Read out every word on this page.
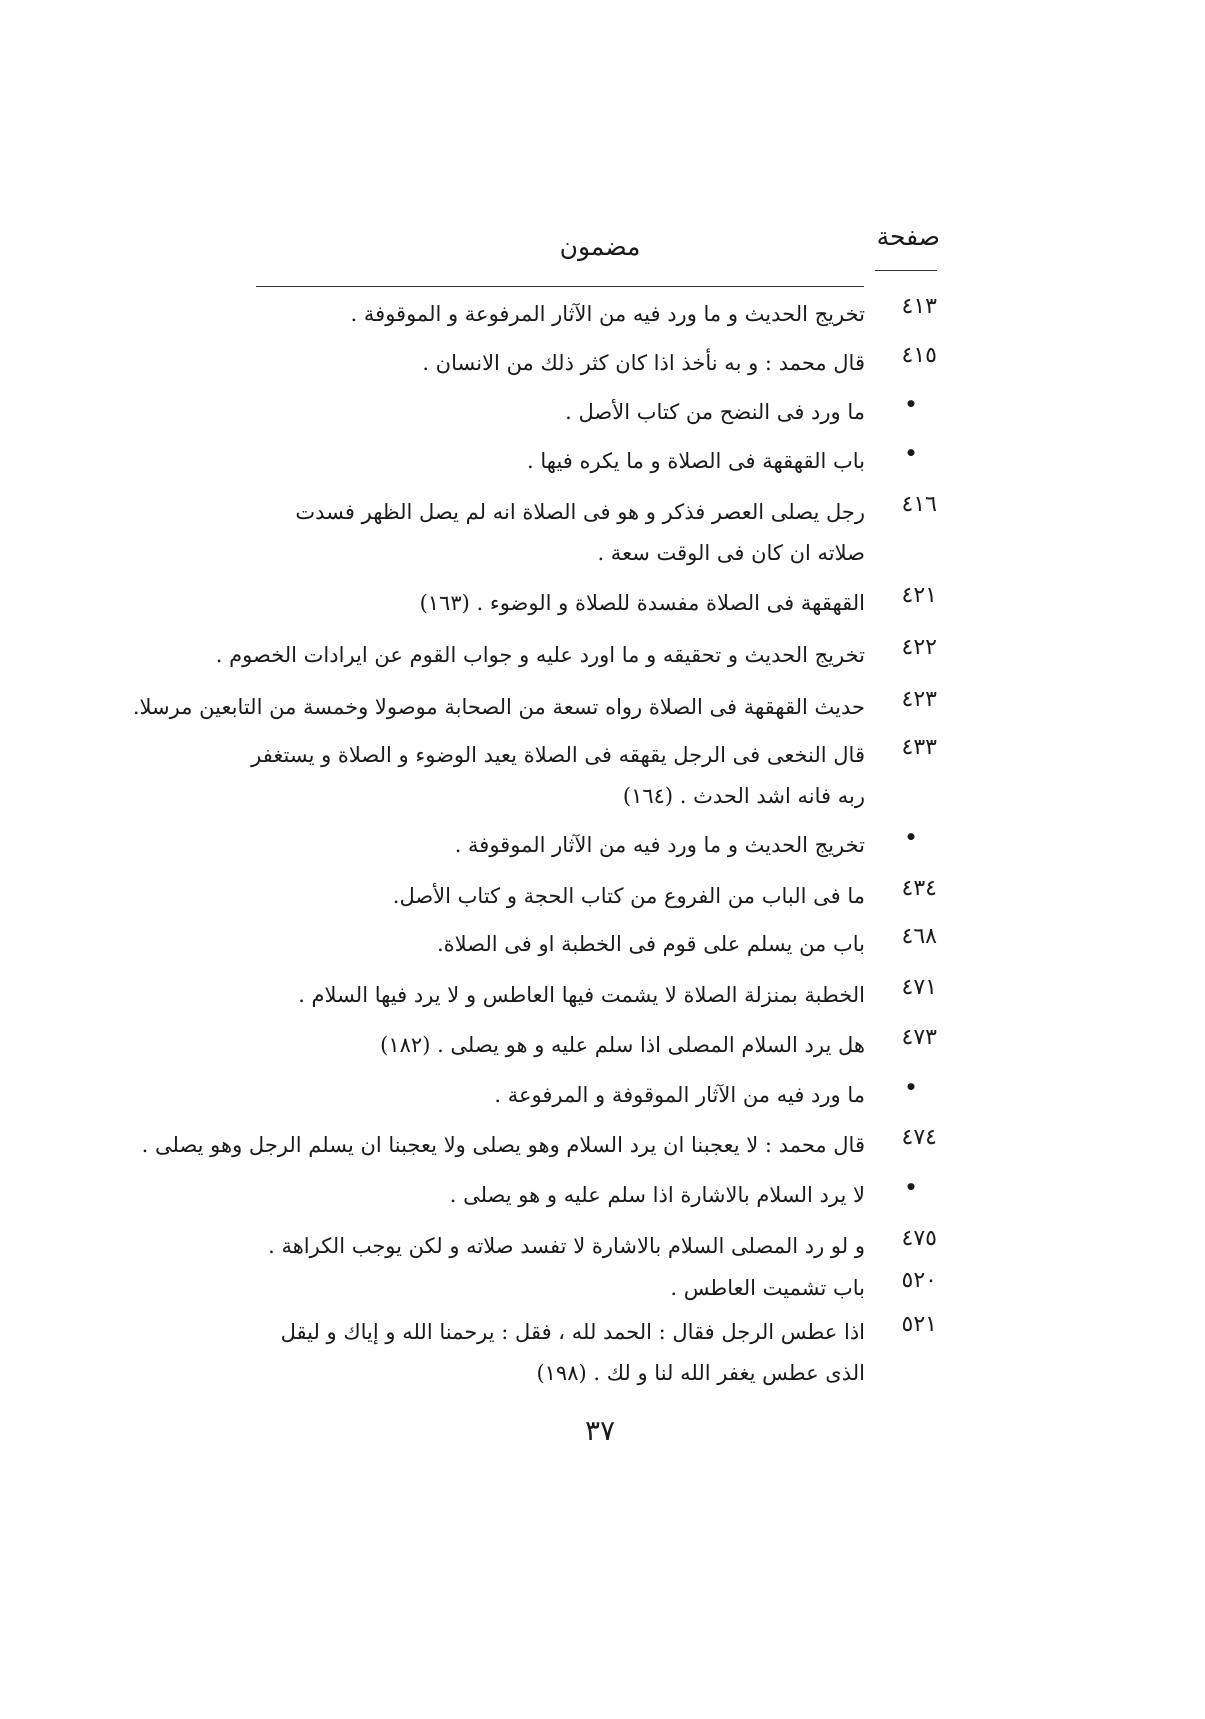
صفحة
مضمون
٤١٣
تخريج الحديث و ما ورد فيه من الآثار المرفوعة و الموقوفة .
٤١٥
قال محمد : و به نأخذ اذا كان كثر ذلك من الانسان .
•
ما ورد فى النضح من كتاب الأصل .
•
باب القهقهة فى الصلاة و ما يكره فيها .
٤١٦
رجل يصلى العصر فذكر و هو فى الصلاة انه لم يصل الظهر فسدت صلاته ان كان فى الوقت سعة .
٤٢١
القهقهة فى الصلاة مفسدة للصلاة و الوضوء . (١٦٣)
٤٢٢
تخريج الحديث و تحقيقه و ما اورد عليه و جواب القوم عن ايرادات الخصوم .
٤٢٣
حديث القهقهة فى الصلاة رواه تسعة من الصحابة موصولا وخمسة من التابعين مرسلا.
٤٣٣
قال النخعى فى الرجل يقهقه فى الصلاة يعيد الوضوء و الصلاة و يستغفر ربه فانه اشد الحدث . (١٦٤)
•
تخريج الحديث و ما ورد فيه من الآثار الموقوفة .
٤٣٤
ما فى الباب من الفروع من كتاب الحجة و كتاب الأصل.
٤٦٨
باب من يسلم على قوم فى الخطبة او فى الصلاة.
٤٧١
الخطبة بمنزلة الصلاة لا يشمت فيها العاطس و لا يرد فيها السلام .
٤٧٣
هل يرد السلام المصلى اذا سلم عليه و هو يصلى . (١٨٢)
•
ما ورد فيه من الآثار الموقوفة و المرفوعة .
٤٧٤
قال محمد : لا يعجبنا ان يرد السلام وهو يصلى ولا يعجبنا ان يسلم الرجل وهو يصلى .
•
لا يرد السلام بالاشارة اذا سلم عليه و هو يصلى .
٤٧٥
و لو رد المصلى السلام بالاشارة لا تفسد صلاته و لكن يوجب الكراهة .
٥٢٠
باب تشميت العاطس .
٥٢١
اذا عطس الرجل فقال : الحمد لله ، فقل : يرحمنا الله و إياك و ليقل الذى عطس يغفر الله لنا و لك . (١٩٨)
٣٧
